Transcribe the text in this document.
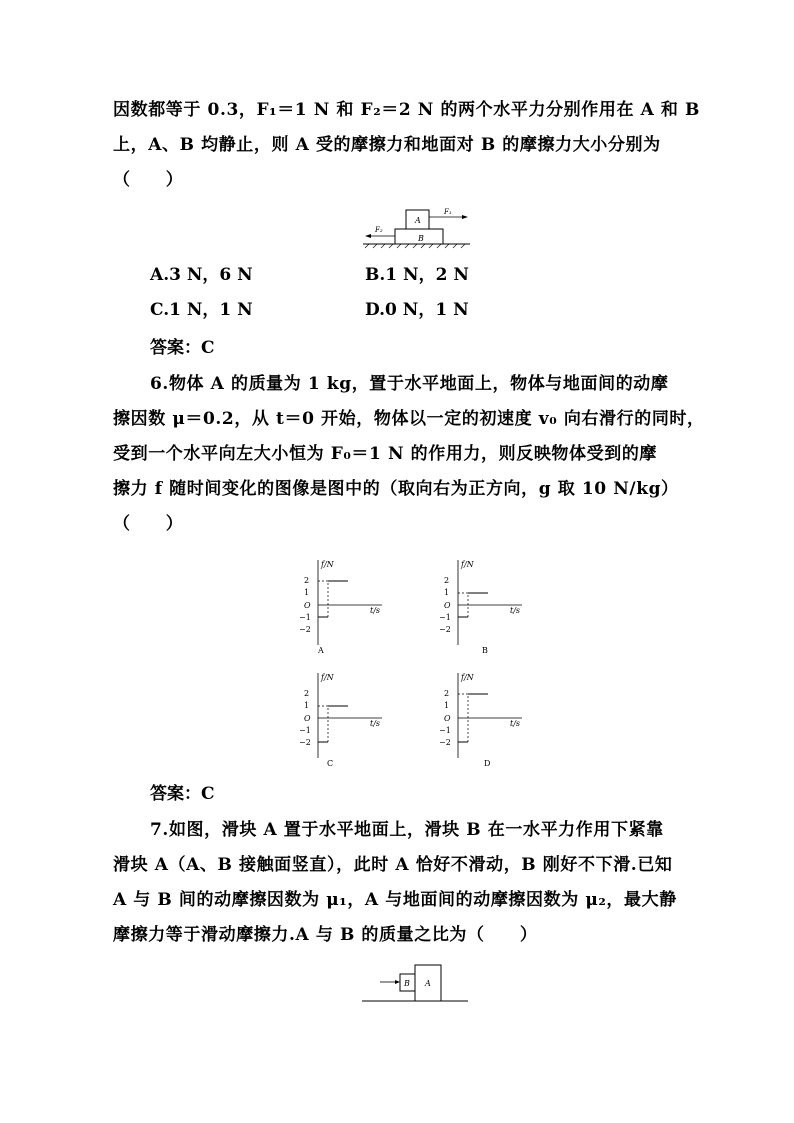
因数都等于 0.3，F₁＝1 N 和 F₂＝2 N 的两个水平力分别作用在 A 和 B
上，A、B 均静止，则 A 受的摩擦力和地面对 B 的摩擦力大小分别为
（　　）
B
A
F₁
F₂
A.3 N，6 N	B.1 N，2 N
C.1 N，1 N	D.0 N，1 N
答案：C
6.物体 A 的质量为 1 kg，置于水平地面上，物体与地面间的动摩
擦因数 μ＝0.2，从 t＝0 开始，物体以一定的初速度 v₀ 向右滑行的同时，
受到一个水平向左大小恒为 F₀＝1 N 的作用力，则反映物体受到的摩
擦力 f 随时间变化的图像是图中的（取向右为正方向，g 取 10 N/kg）
（　　）
f/N
t/s
2
1
O
−1
−2
A
f/N
t/s
2
1
O
−1
−2
B
f/N
t/s
2
1
O
−1
−2
C
f/N
t/s
2
1
O
−1
−2
D
答案：C
7.如图，滑块 A 置于水平地面上，滑块 B 在一水平力作用下紧靠
滑块 A（A、B 接触面竖直），此时 A 恰好不滑动，B 刚好不下滑.已知
A 与 B 间的动摩擦因数为 μ₁，A 与地面间的动摩擦因数为 μ₂，最大静
摩擦力等于滑动摩擦力.A 与 B 的质量之比为（　　）
A
B
